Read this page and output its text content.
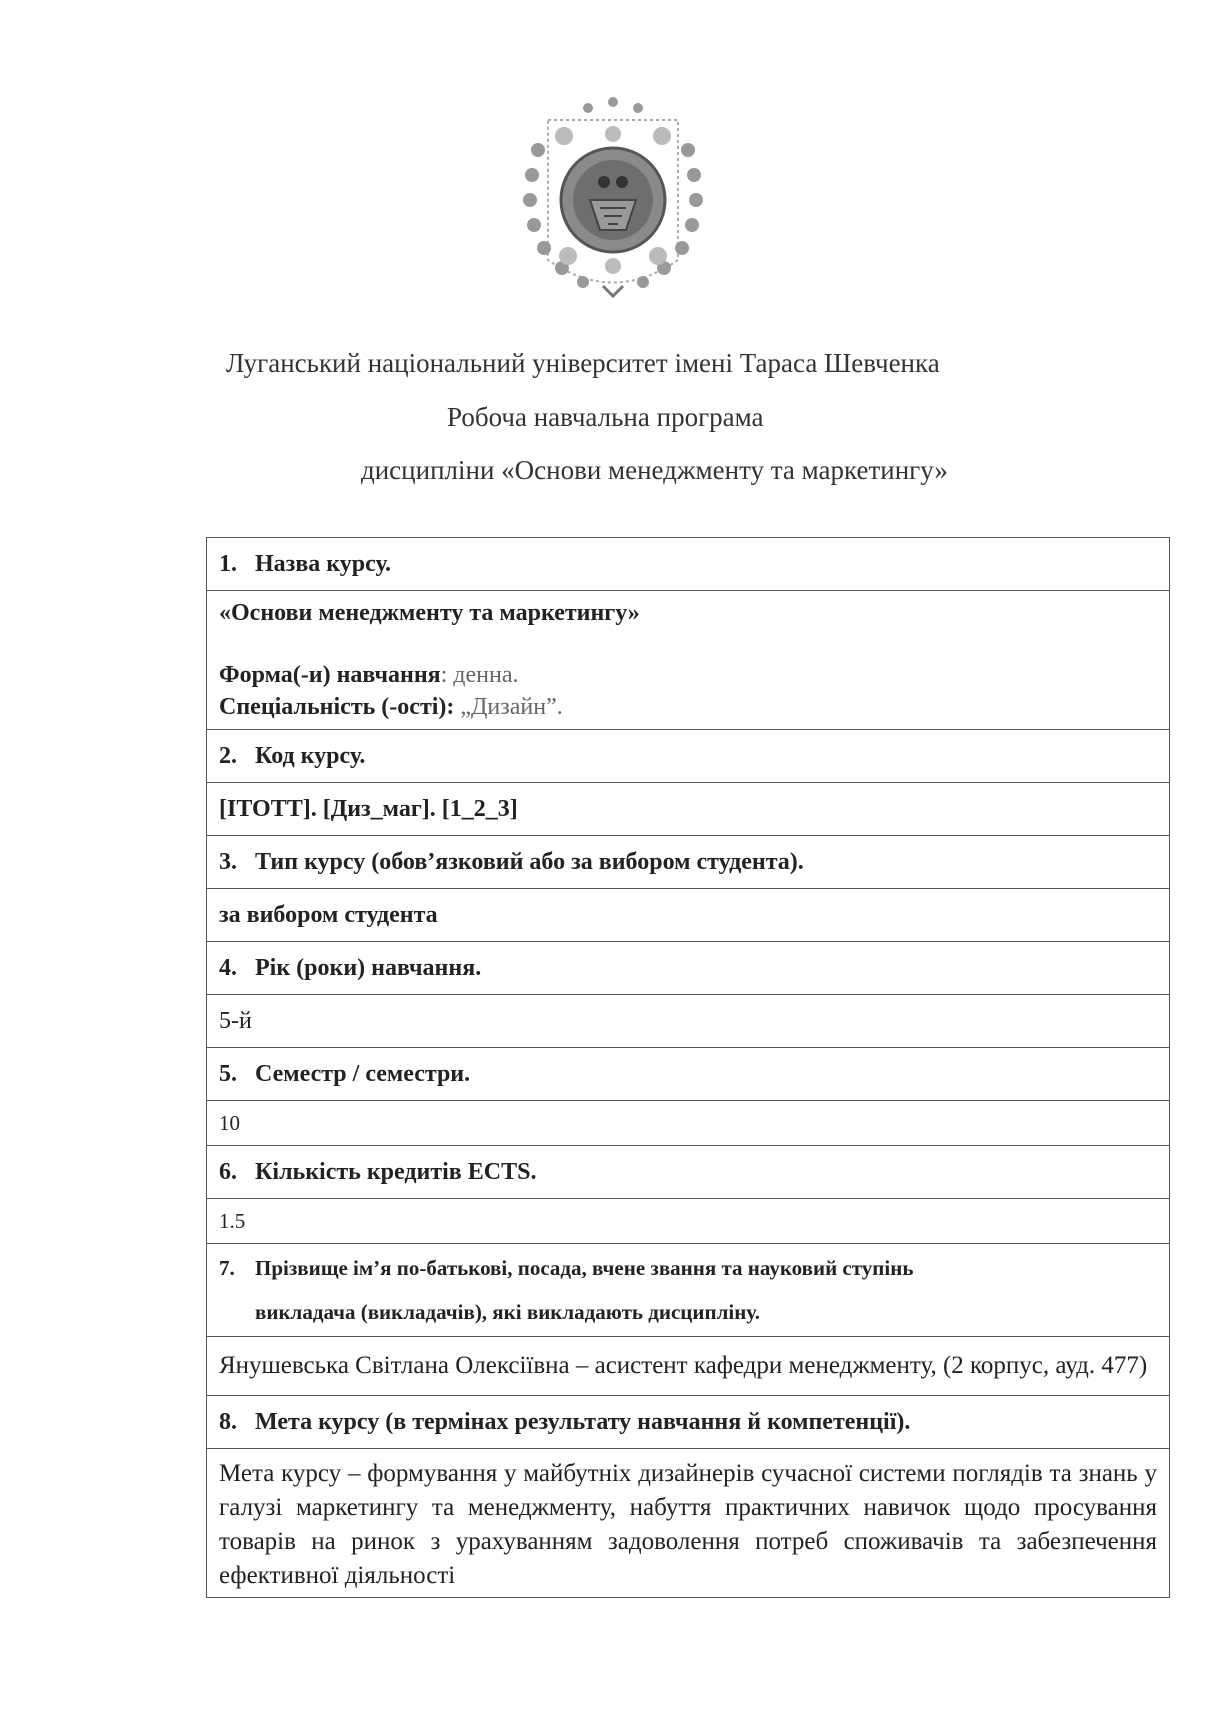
Луганський національний університет імені Тараса Шевченка
Робоча навчальна програма
дисципліни «Основи менеджменту та маркетингу»
1. Назва курсу.
«Основи менеджменту та маркетингу»
Форма(-и) навчання: денна.
Спеціальність (-ості): „Дизайн”.
2. Код курсу.
[ІТОТТ]. [Диз_маг]. [1_2_3]
3. Тип курсу (обов’язковий або за вибором студента).
за вибором студента
4. Рік (роки) навчання.
5-й
5. Семестр / семестри.
10
6. Кількість кредитів ECTS.
1.5
7. Прізвище ім’я по-батькові, посада, вчене звання та науковий ступінь
викладача (викладачів), які викладають дисципліну.

Янушевська Світлана Олексіївна – асистент кафедри менеджменту, (2 корпус, ауд. 477)
8. Мета курсу (в термінах результату навчання й компетенції).
Мета курсу – формування у майбутніх дизайнерів сучасної системи поглядів та знань у галузі маркетингу та менеджменту, набуття практичних навичок щодо просування товарів на ринок з урахуванням задоволення потреб споживачів та забезпечення ефективної діяльності
